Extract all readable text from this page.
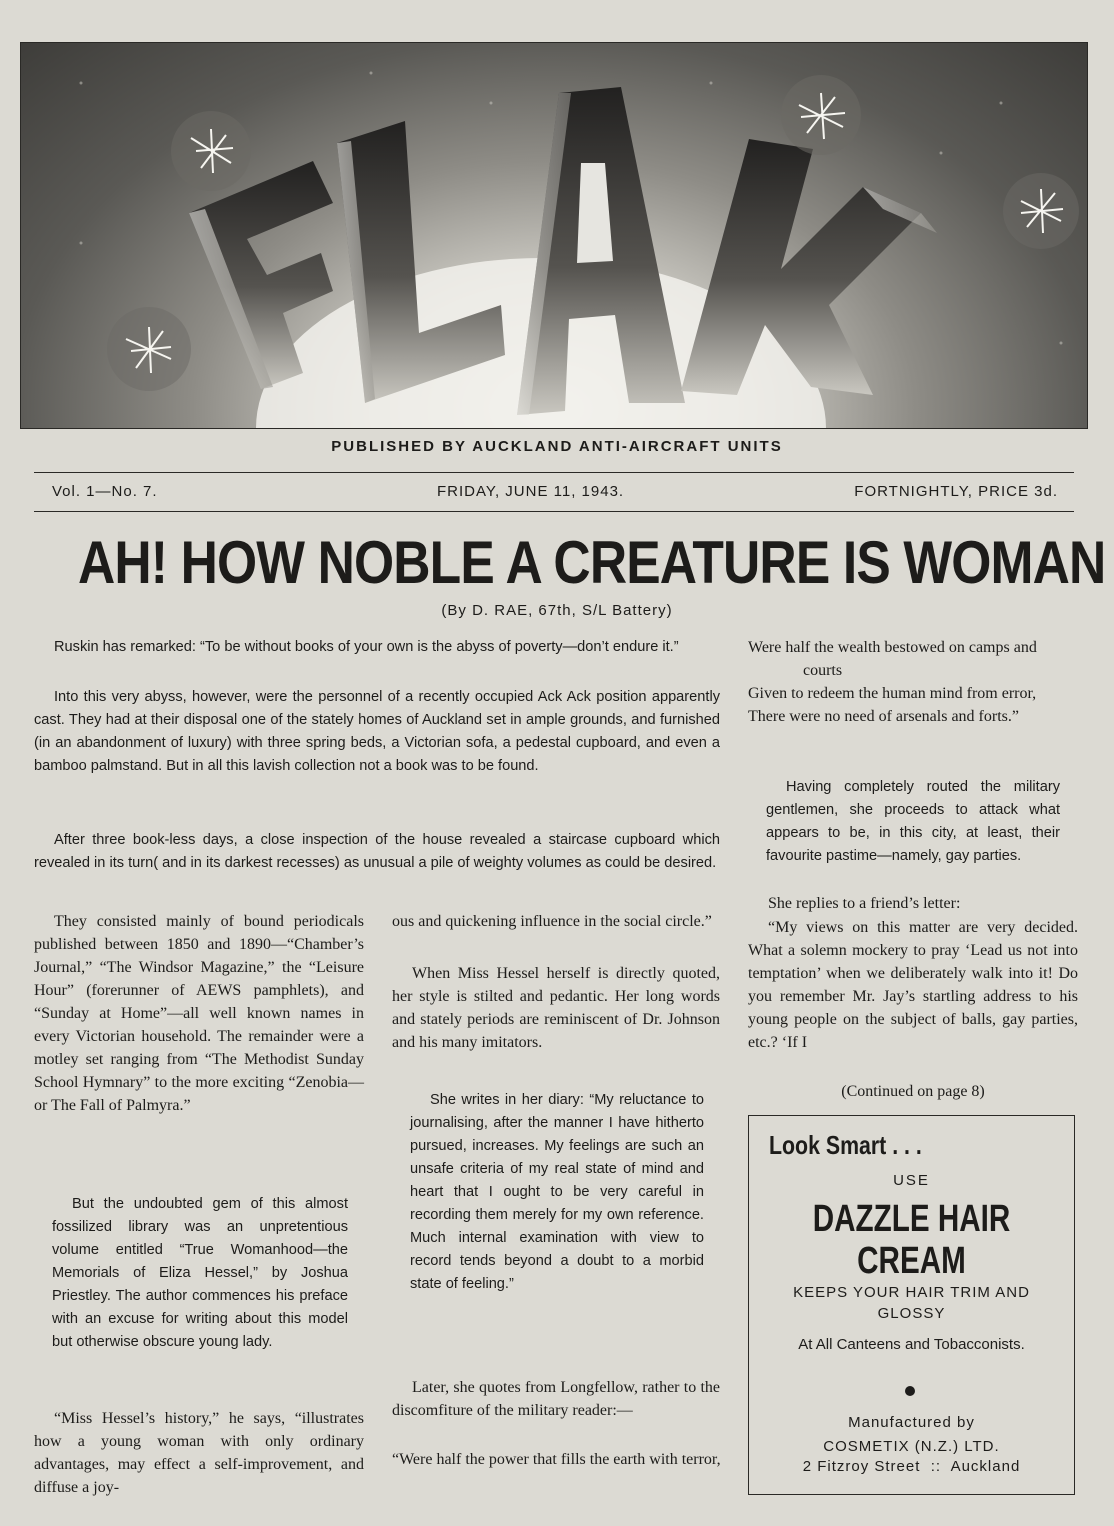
PUBLISHED BY AUCKLAND ANTI-AIRCRAFT UNITS
Vol. 1—No. 7.	FRIDAY, JUNE 11, 1943.	FORTNIGHTLY, PRICE 3d.
AH! HOW NOBLE A CREATURE IS WOMAN
(By D. RAE, 67th, S/L Battery)

Ruskin has remarked: “To be without books of your own is the abyss of poverty—don’t endure it.”

Into this very abyss, however, were the personnel of a recently occupied Ack Ack position apparently cast. They had at their disposal one of the stately homes of Auckland set in ample grounds, and furnished (in an abandonment of luxury) with three spring beds, a Victorian sofa, a pedestal cupboard, and even a bamboo palmstand. But in all this lavish collection not a book was to be found.

After three book-less days, a close inspection of the house revealed a staircase cupboard which revealed in its turn( and in its darkest recesses) as unusual a pile of weighty volumes as could be desired.

They consisted mainly of bound periodicals published between 1850 and 1890—“Chamber’s Journal,” “The Windsor Magazine,” the “Leisure Hour” (forerunner of AEWS pamphlets), and “Sunday at Home”—all well known names in every Victorian household. The remainder were a motley set ranging from “The Methodist Sunday School Hymnary” to the more exciting “Zenobia—or The Fall of Palmyra.”

But the undoubted gem of this almost fossilized library was an unpretentious volume entitled “True Womanhood—the Memorials of Eliza Hessel,” by Joshua Priestley. The author commences his preface with an excuse for writing about this model but otherwise obscure young lady.

“Miss Hessel’s history,” he says, “illustrates how a young woman with only ordinary advantages, may effect a self-improvement, and diffuse a joy-

ous and quickening influence in the social circle.”

When Miss Hessel herself is directly quoted, her style is stilted and pedantic. Her long words and stately periods are reminiscent of Dr. Johnson and his many imitators.

She writes in her diary: “My reluctance to journalising, after the manner I have hitherto pursued, increases. My feelings are such an unsafe criteria of my real state of mind and heart that I ought to be very careful in recording them merely for my own reference. Much internal examination with view to record tends beyond a doubt to a morbid state of feeling.”

Later, she quotes from Longfellow, rather to the discomfiture of the military reader:—

“Were half the power that fills the earth with terror,

Were half the wealth bestowed on camps and courts

Given to redeem the human mind from error,

There were no need of arsenals and forts.”

Having completely routed the military gentlemen, she proceeds to attack what appears to be, in this city, at least, their favourite pastime—namely, gay parties.

She replies to a friend’s letter:

“My views on this matter are very decided. What a solemn mockery to pray ‘Lead us not into temptation’ when we deliberately walk into it! Do you remember Mr. Jay’s startling address to his young people on the subject of balls, gay parties, etc.? ‘If I

(Continued on page 8)
Look Smart . . .
USE
DAZZLE HAIR
CREAM
KEEPS YOUR HAIR TRIM AND GLOSSY
At All Canteens and Tobacconists.
Manufactured by
COSMETIX (N.Z.) LTD.
2 Fitzroy Street  ::  Auckland
